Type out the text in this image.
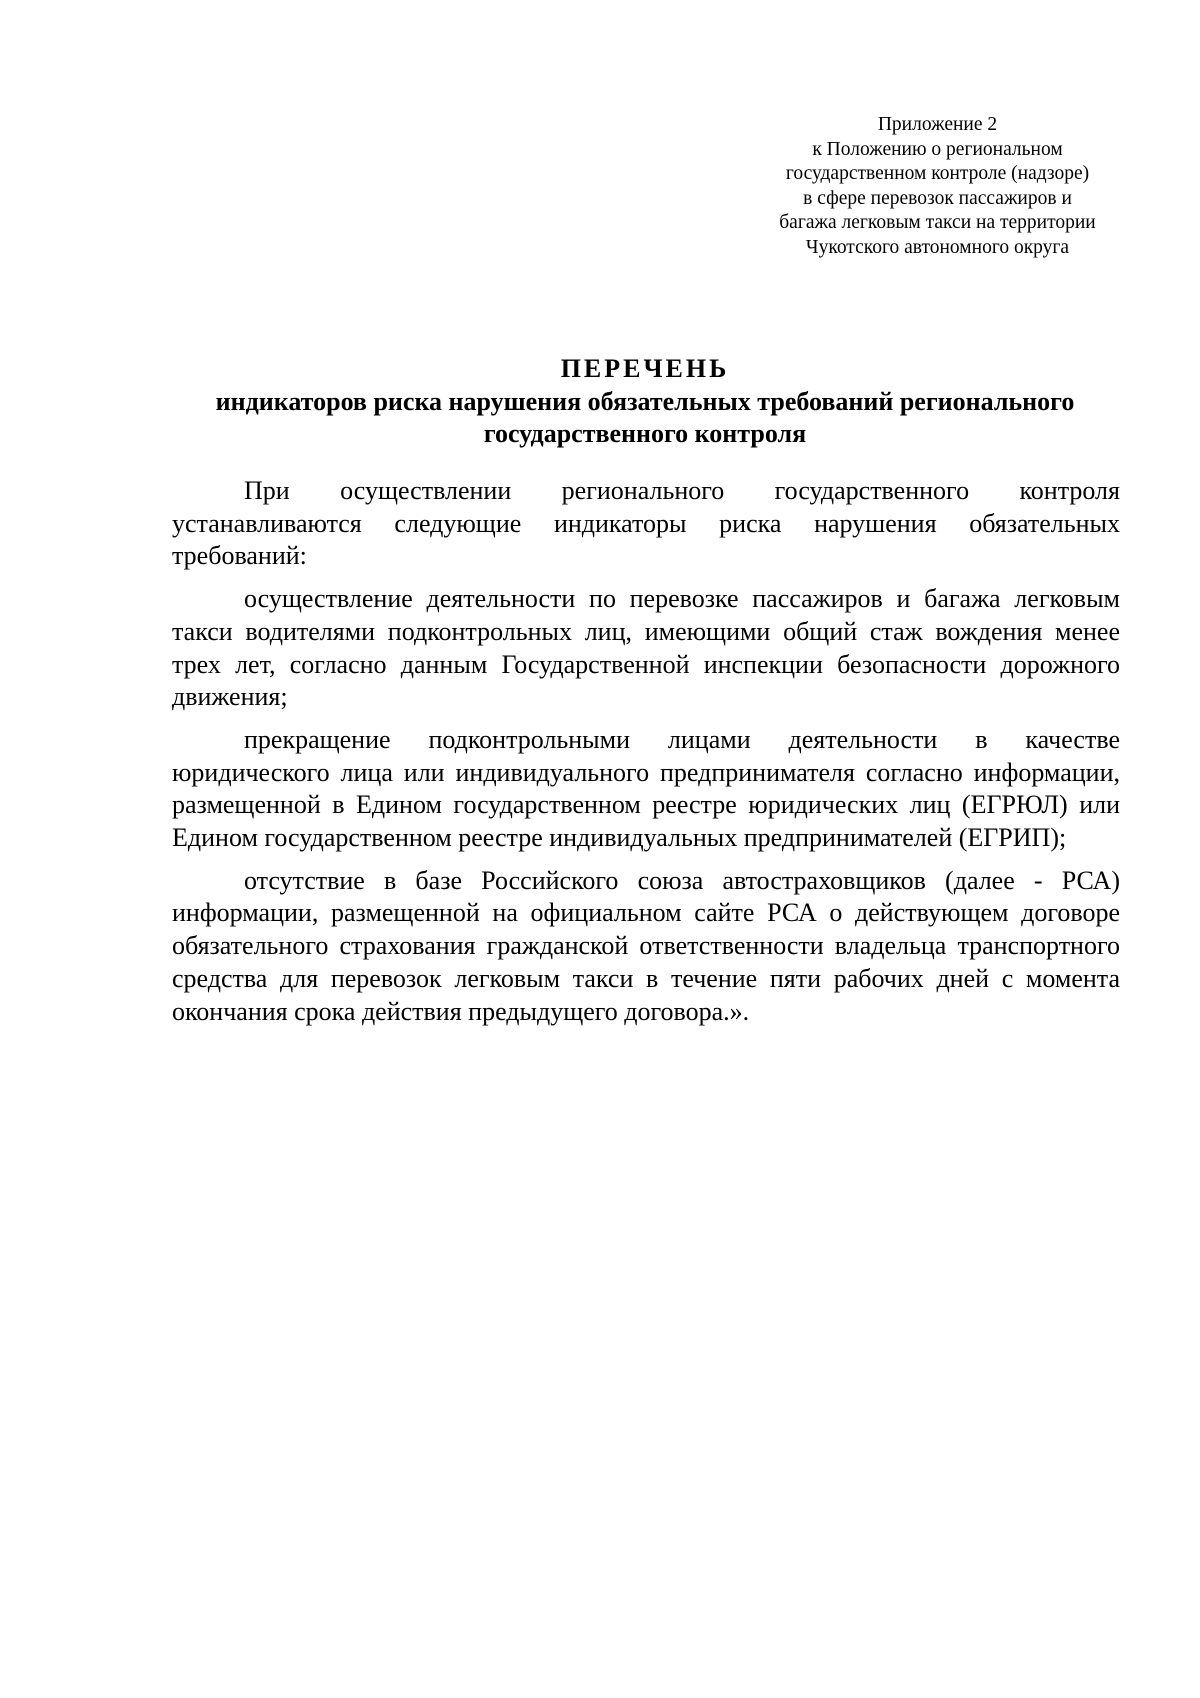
Приложение 2
к Положению о региональном
государственном контроле (надзоре)
в сфере перевозок пассажиров и
багажа легковым такси на территории
Чукотского автономного округа
ПЕРЕЧЕНЬ
индикаторов риска нарушения обязательных требований регионального
государственного контроля

При осуществлении регионального государственного контроля устанавливаются следующие индикаторы риска нарушения обязательных требований:

осуществление деятельности по перевозке пассажиров и багажа легковым такси водителями подконтрольных лиц, имеющими общий стаж вождения менее трех лет, согласно данным Государственной инспекции безопасности дорожного движения;

прекращение подконтрольными лицами деятельности в качестве юридического лица или индивидуального предпринимателя согласно информации, размещенной в Едином государственном реестре юридических лиц (ЕГРЮЛ) или Едином государственном реестре индивидуальных предпринимателей (ЕГРИП);

отсутствие в базе Российского союза автостраховщиков (далее - РСА) информации, размещенной на официальном сайте РСА о действующем договоре обязательного страхования гражданской ответственности владельца транспортного средства для перевозок легковым такси в течение пяти рабочих дней с момента окончания срока действия предыдущего договора.».
